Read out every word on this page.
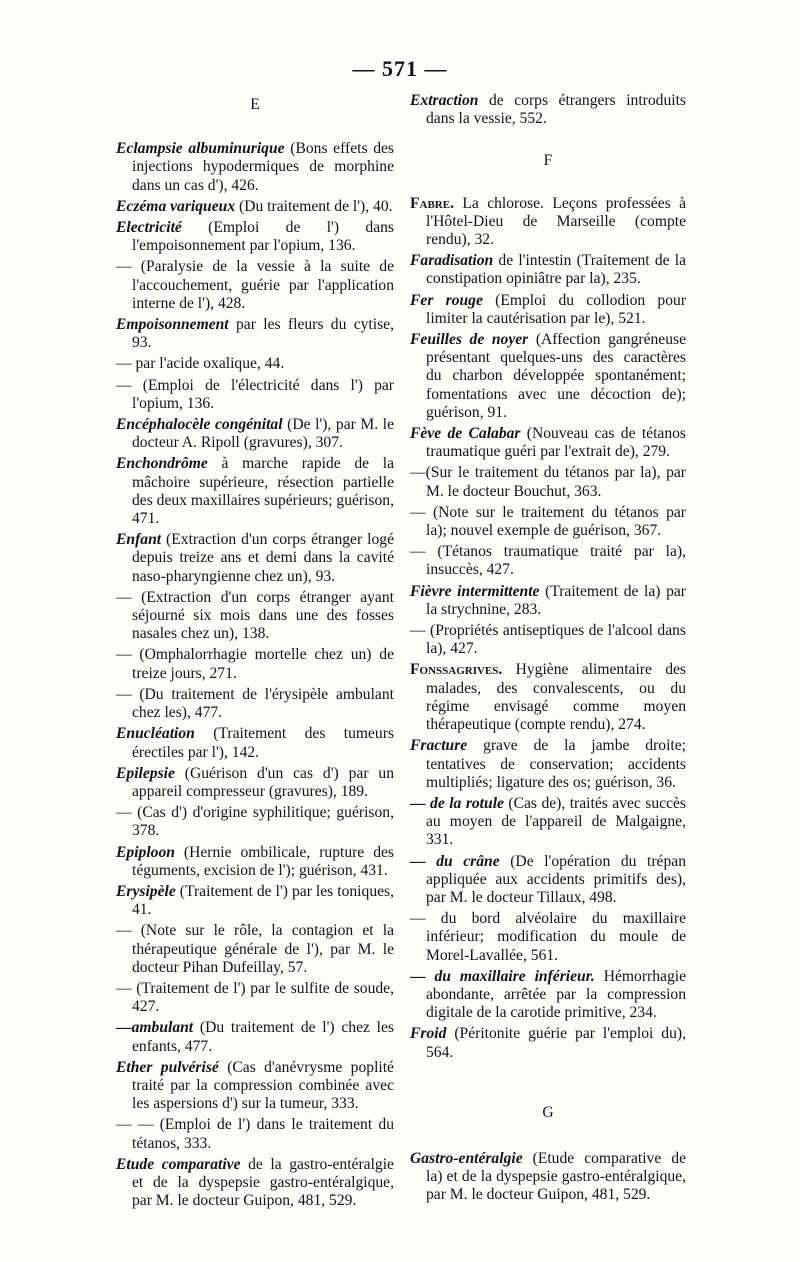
— 571 —
E

Eclampsie albuminurique (Bons effets des injections hypodermiques de morphine dans un cas d'), 426.

Eczéma variqueux (Du traitement de l'), 40.

Electricité (Emploi de l') dans l'empoisonnement par l'opium, 136.

— (Paralysie de la vessie à la suite de l'accouchement, guérie par l'application interne de l'), 428.

Empoisonnement par les fleurs du cytise, 93.

— par l'acide oxalique, 44.

— (Emploi de l'électricité dans l') par l'opium, 136.

Encéphalocèle congénital (De l'), par M. le docteur A. Ripoll (gravures), 307.

Enchondrôme à marche rapide de la mâchoire supérieure, résection partielle des deux maxillaires supérieurs; guérison, 471.

Enfant (Extraction d'un corps étranger logé depuis treize ans et demi dans la cavité naso-pharyngienne chez un), 93.

— (Extraction d'un corps étranger ayant séjourné six mois dans une des fosses nasales chez un), 138.

— (Omphalorrhagie mortelle chez un) de treize jours, 271.

— (Du traitement de l'érysipèle ambulant chez les), 477.

Enucléation (Traitement des tumeurs érectiles par l'), 142.

Epilepsie (Guérison d'un cas d') par un appareil compresseur (gravures), 189.

— (Cas d') d'origine syphilitique; guérison, 378.

Epiploon (Hernie ombilicale, rupture des téguments, excision de l'); guérison, 431.

Erysipèle (Traitement de l') par les toniques, 41.

— (Note sur le rôle, la contagion et la thérapeutique générale de l'), par M. le docteur Pihan Dufeillay, 57.

— (Traitement de l') par le sulfite de soude, 427.

—ambulant (Du traitement de l') chez les enfants, 477.

Ether pulvérisé (Cas d'anévrysme poplité traité par la compression combinée avec les aspersions d') sur la tumeur, 333.

— — (Emploi de l') dans le traitement du tétanos, 333.

Etude comparative de la gastro-entéralgie et de la dyspepsie gastro-entéralgique, par M. le docteur Guipon, 481, 529.

Extraction de corps étrangers introduits dans la vessie, 552.

F

Fabre. La chlorose. Leçons professées à l'Hôtel-Dieu de Marseille (compte rendu), 32.

Faradisation de l'intestin (Traitement de la constipation opiniâtre par la), 235.

Fer rouge (Emploi du collodion pour limiter la cautérisation par le), 521.

Feuilles de noyer (Affection gangréneuse présentant quelques-uns des caractères du charbon développée spontanément; fomentations avec une décoction de); guérison, 91.

Fève de Calabar (Nouveau cas de tétanos traumatique guéri par l'extrait de), 279.

—(Sur le traitement du tétanos par la), par M. le docteur Bouchut, 363.

— (Note sur le traitement du tétanos par la); nouvel exemple de guérison, 367.

— (Tétanos traumatique traité par la), insuccès, 427.

Fièvre intermittente (Traitement de la) par la strychnine, 283.

— (Propriétés antiseptiques de l'alcool dans la), 427.

Fonssagrives. Hygiène alimentaire des malades, des convalescents, ou du régime envisagé comme moyen thérapeutique (compte rendu), 274.

Fracture grave de la jambe droite; tentatives de conservation; accidents multipliés; ligature des os; guérison, 36.

— de la rotule (Cas de), traités avec succès au moyen de l'appareil de Malgaigne, 331.

— du crâne (De l'opération du trépan appliquée aux accidents primitifs des), par M. le docteur Tillaux, 498.

— du bord alvéolaire du maxillaire inférieur; modification du moule de Morel-Lavallée, 561.

— du maxillaire inférieur. Hémorrhagie abondante, arrêtée par la compression digitale de la carotide primitive, 234.

Froid (Péritonite guérie par l'emploi du), 564.

G

Gastro-entéralgie (Etude comparative de la) et de la dyspepsie gastro-entéralgique, par M. le docteur Guipon, 481, 529.
